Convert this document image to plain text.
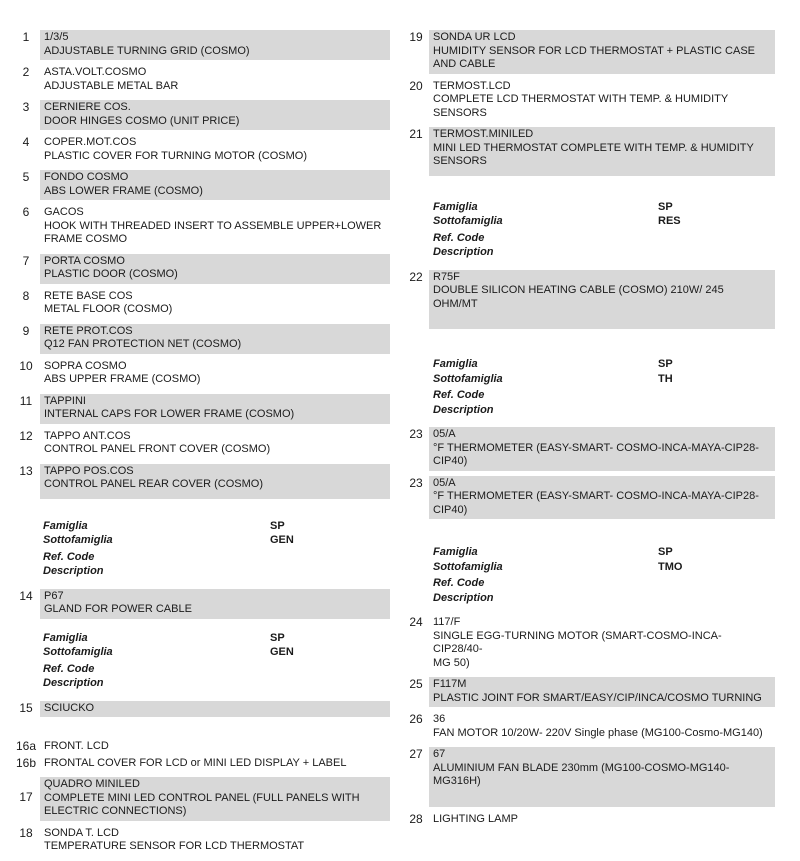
1	1/3/5
ADJUSTABLE TURNING GRID (COSMO)
2	ASTA.VOLT.COSMO
ADJUSTABLE METAL BAR
3	CERNIERE COS.
DOOR HINGES COSMO (UNIT PRICE)
4	COPER.MOT.COS
PLASTIC COVER FOR TURNING MOTOR (COSMO)
5	FONDO COSMO
ABS LOWER FRAME (COSMO)
6	GACOS
HOOK WITH THREADED INSERT TO ASSEMBLE UPPER+LOWER
FRAME COSMO
7	PORTA COSMO
PLASTIC DOOR (COSMO)
8	RETE BASE COS
METAL FLOOR (COSMO)
9	RETE PROT.COS
Q12 FAN PROTECTION NET (COSMO)
10	SOPRA COSMO
ABS UPPER FRAME (COSMO)
11	TAPPINI
INTERNAL CAPS FOR LOWER FRAME (COSMO)
12	TAPPO ANT.COS
CONTROL PANEL FRONT COVER (COSMO)
13	TAPPO POS.COS
CONTROL PANEL REAR COVER (COSMO)
Famiglia	SP
Sottofamiglia	GEN
Ref. Code
Description
14	P67
GLAND FOR POWER CABLE
Famiglia	SP
Sottofamiglia	GEN
Ref. Code
Description
15	SCIUCKO
16a FRONT. LCD
16b FRONTAL COVER FOR LCD or MINI LED DISPLAY + LABEL
17
QUADRO MINILED
COMPLETE MINI LED CONTROL PANEL (FULL PANELS WITH
ELECTRIC CONNECTIONS)
18	SONDA T. LCD
TEMPERATURE SENSOR FOR LCD THERMOSTAT
19 SONDA UR LCD
HUMIDITY SENSOR FOR LCD THERMOSTAT + PLASTIC CASE
AND CABLE
20 TERMOST.LCD
COMPLETE LCD THERMOSTAT WITH TEMP. & HUMIDITY
SENSORS
21 TERMOST.MINILED
MINI LED THERMOSTAT COMPLETE WITH TEMP. & HUMIDITY
SENSORS
Famiglia	SP
Sottofamiglia	RES
Ref. Code
Description
22 R75F
DOUBLE SILICON HEATING CABLE (COSMO) 210W/ 245 OHM/MT
Famiglia	SP
Sottofamiglia	TH
Ref. Code
Description
23 05/A
°F THERMOMETER (EASY-SMART- COSMO-INCA-MAYA-CIP28-
CIP40)
23 05/A
°F THERMOMETER (EASY-SMART- COSMO-INCA-MAYA-CIP28-
CIP40)
Famiglia	SP
Sottofamiglia	TMO
Ref. Code
Description
24 117/F
SINGLE EGG-TURNING MOTOR (SMART-COSMO-INCA-CIP28/40-
MG 50)
25 F117M
PLASTIC JOINT FOR SMART/EASY/CIP/INCA/COSMO TURNING
26 36
FAN MOTOR 10/20W- 220V Single phase (MG100-Cosmo-MG140)
27 67
ALUMINIUM FAN BLADE 230mm (MG100-COSMO-MG140-MG316H)
28 LIGHTING LAMP
